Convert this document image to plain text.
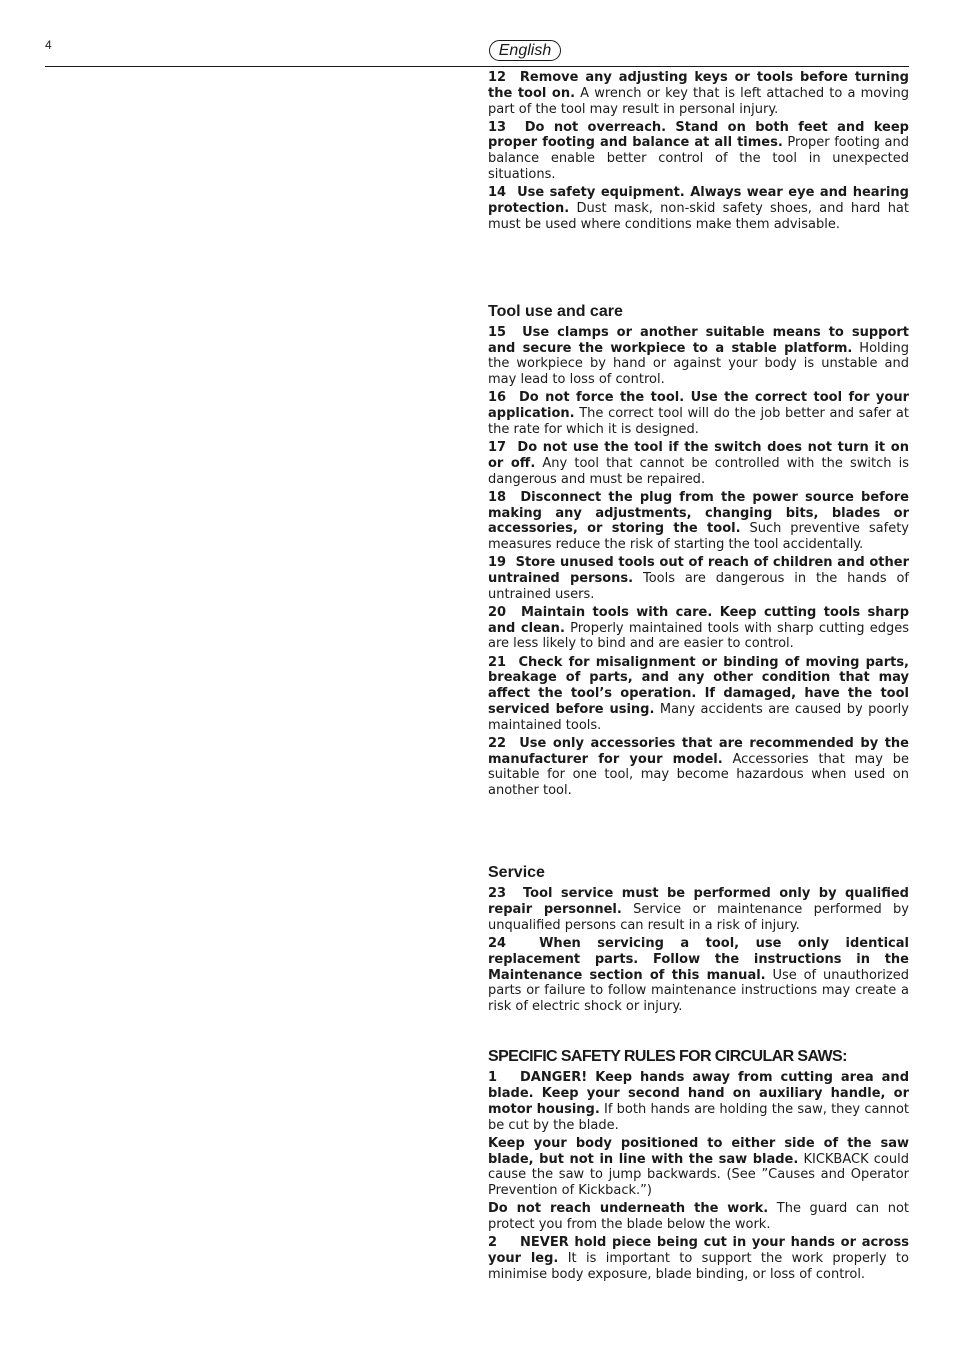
4	English

12 Remove any adjusting keys or tools before turning the tool on. A wrench or key that is left attached to a moving part of the tool may result in personal injury.

13 Do not overreach. Stand on both feet and keep proper footing and balance at all times. Proper footing and balance enable better control of the tool in unexpected situations.

14 Use safety equipment. Always wear eye and hearing protection. Dust mask, non-skid safety shoes, and hard hat must be used where conditions make them advisable.

Tool use and care

15 Use clamps or another suitable means to support and secure the workpiece to a stable platform. Holding the workpiece by hand or against your body is unstable and may lead to loss of control.

16 Do not force the tool. Use the correct tool for your application. The correct tool will do the job better and safer at the rate for which it is designed.

17 Do not use the tool if the switch does not turn it on or off. Any tool that cannot be controlled with the switch is dangerous and must be repaired.

18 Disconnect the plug from the power source before making any adjustments, changing bits, blades or accessories, or storing the tool. Such preventive safety measures reduce the risk of starting the tool accidentally.

19 Store unused tools out of reach of children and other untrained persons. Tools are dangerous in the hands of untrained users.

20 Maintain tools with care. Keep cutting tools sharp and clean. Properly maintained tools with sharp cutting edges are less likely to bind and are easier to control.

21 Check for misalignment or binding of moving parts, breakage of parts, and any other condition that may affect the tool’s operation. If damaged, have the tool serviced before using. Many accidents are caused by poorly maintained tools.

22 Use only accessories that are recommended by the manufacturer for your model. Accessories that may be suitable for one tool, may become hazardous when used on another tool.

Service

23 Tool service must be performed only by qualified repair personnel. Service or maintenance performed by unqualified persons can result in a risk of injury.

24	When servicing a tool, use only identical replacement parts. Follow the instructions in the Maintenance section of this manual. Use of unauthorized parts or failure to follow maintenance instructions may create a risk of electric shock or injury.

SPECIFIC SAFETY RULES FOR CIRCULAR SAWS:

1 DANGER! Keep hands away from cutting area and blade. Keep your second hand on auxiliary handle, or motor housing. If both hands are holding the saw, they cannot be cut by the blade.

Keep your body positioned to either side of the saw blade, but not in line with the saw blade. KICKBACK could cause the saw to jump backwards. (See ”Causes and Operator Prevention of Kickback.”)

Do not reach underneath the work. The guard can not protect you from the blade below the work.

2 NEVER hold piece being cut in your hands or across your leg. It is important to support the work properly to minimise body exposure, blade binding, or loss of control.
